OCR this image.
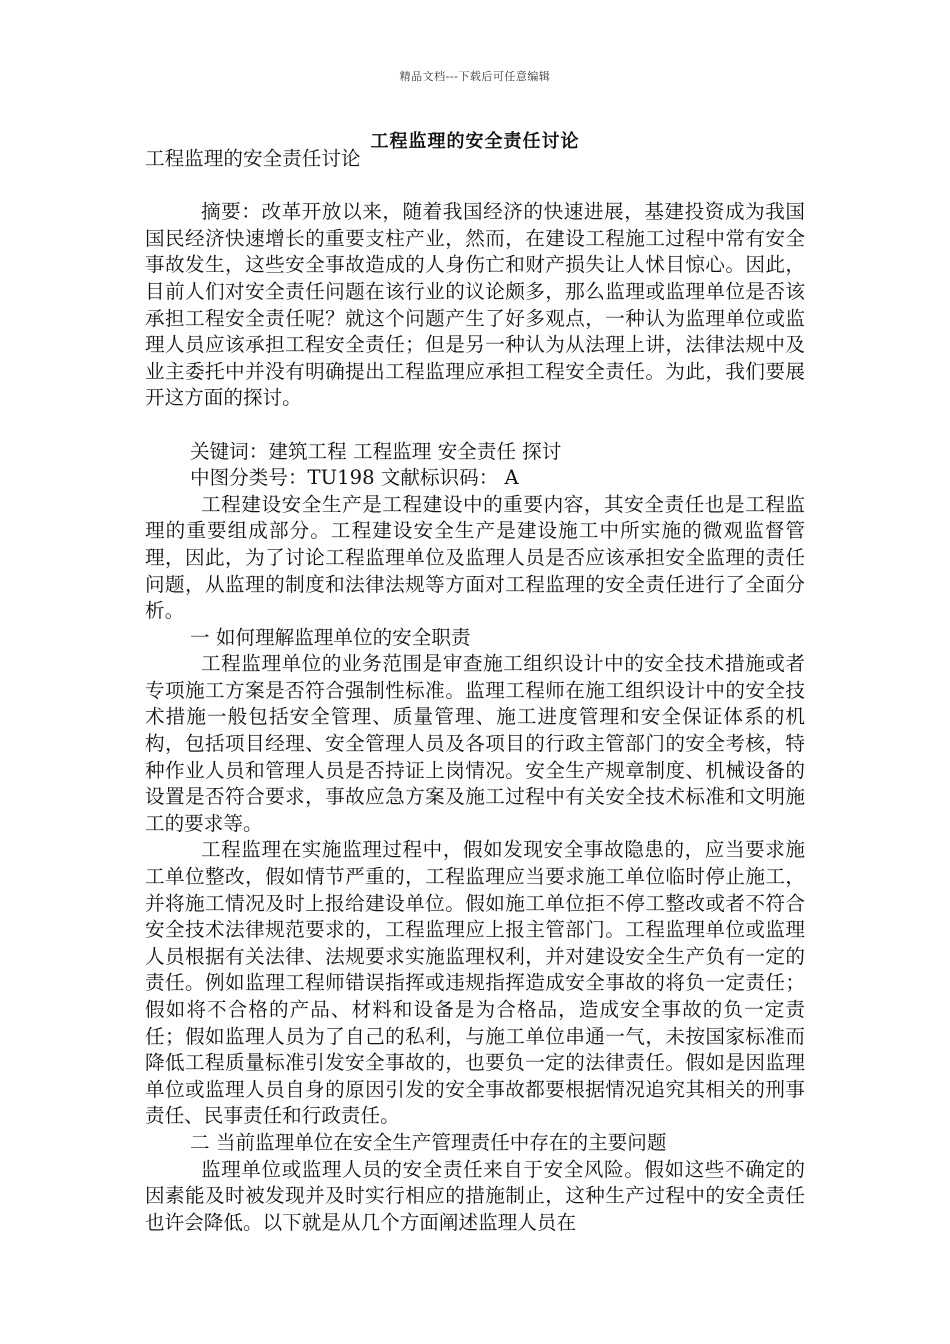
精品文档---下载后可任意编辑
工程监理的安全责任讨论

工程监理的安全责任讨论

摘要：改革开放以来，随着我国经济的快速进展，基建投资成为我国国民经济快速增长的重要支柱产业，然而，在建设工程施工过程中常有安全事故发生，这些安全事故造成的人身伤亡和财产损失让人怵目惊心。因此，目前人们对安全责任问题在该行业的议论颇多，那么监理或监理单位是否该承担工程安全责任呢？就这个问题产生了好多观点，一种认为监理单位或监理人员应该承担工程安全责任；但是另一种认为从法理上讲，法律法规中及业主委托中并没有明确提出工程监理应承担工程安全责任。为此，我们要展开这方面的探讨。

关键词：建筑工程 工程监理 安全责任 探讨

中图分类号：TU198 文献标识码： A

工程建设安全生产是工程建设中的重要内容，其安全责任也是工程监理的重要组成部分。工程建设安全生产是建设施工中所实施的微观监督管理，因此，为了讨论工程监理单位及监理人员是否应该承担安全监理的责任问题，从监理的制度和法律法规等方面对工程监理的安全责任进行了全面分析。

一 如何理解监理单位的安全职责

工程监理单位的业务范围是审查施工组织设计中的安全技术措施或者专项施工方案是否符合强制性标准。监理工程师在施工组织设计中的安全技术措施一般包括安全管理、质量管理、施工进度管理和安全保证体系的机构，包括项目经理、安全管理人员及各项目的行政主管部门的安全考核，特种作业人员和管理人员是否持证上岗情况。安全生产规章制度、机械设备的设置是否符合要求，事故应急方案及施工过程中有关安全技术标准和文明施工的要求等。

工程监理在实施监理过程中，假如发现安全事故隐患的，应当要求施工单位整改，假如情节严重的，工程监理应当要求施工单位临时停止施工，并将施工情况及时上报给建设单位。假如施工单位拒不停工整改或者不符合安全技术法律规范要求的，工程监理应上报主管部门。工程监理单位或监理人员根据有关法律、法规要求实施监理权利，并对建设安全生产负有一定的责任。例如监理工程师错误指挥或违规指挥造成安全事故的将负一定责任；假如将不合格的产品、材料和设备是为合格品，造成安全事故的负一定责任；假如监理人员为了自己的私利，与施工单位串通一气，未按国家标准而降低工程质量标准引发安全事故的，也要负一定的法律责任。假如是因监理单位或监理人员自身的原因引发的安全事故都要根据情况追究其相关的刑事责任、民事责任和行政责任。

二 当前监理单位在安全生产管理责任中存在的主要问题

监理单位或监理人员的安全责任来自于安全风险。假如这些不确定的因素能及时被发现并及时实行相应的措施制止，这种生产过程中的安全责任也许会降低。以下就是从几个方面阐述监理人员在
